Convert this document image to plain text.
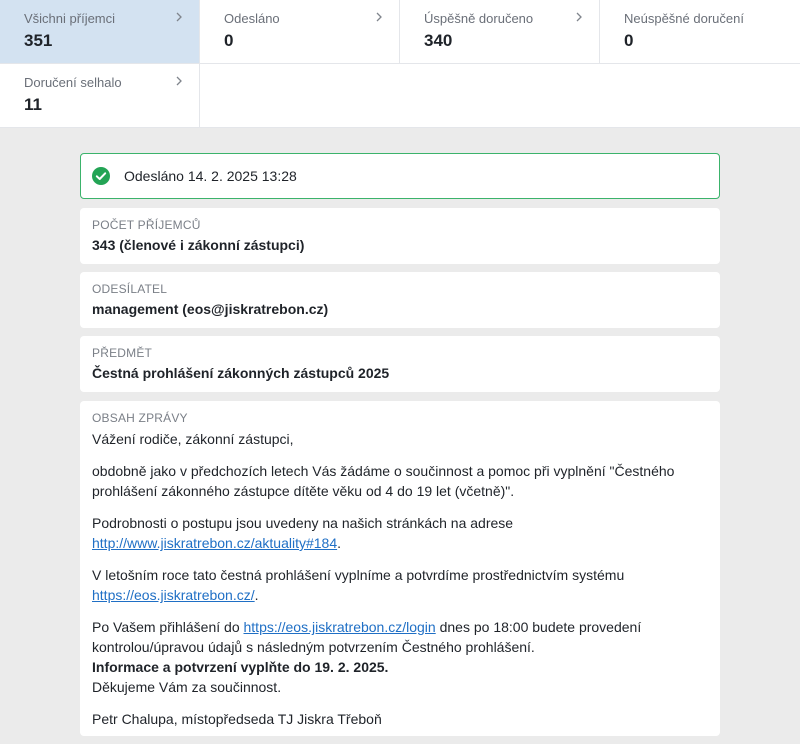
Všichni příjemci
351
Odesláno
0
Úspěšně doručeno
340
Neúspěšné doručení
0
Doručení selhalo
11
Odesláno 14. 2. 2025 13:28
POČET PŘÍJEMCŮ
343 (členové i zákonní zástupci)
ODESÍLATEL
management (eos@jiskratrebon.cz)
PŘEDMĚT
Čestná prohlášení zákonných zástupců 2025
OBSAH ZPRÁVY

Vážení rodiče, zákonní zástupci,

obdobně jako v předchozích letech Vás žádáme o součinnost a pomoc při vyplnění "Čestného prohlášení zákonného zástupce dítěte věku od 4 do 19 let (včetně)".

Podrobnosti o postupu jsou uvedeny na našich stránkách na adrese http://www.jiskratrebon.cz/aktuality#184.

V letošním roce tato čestná prohlášení vyplníme a potvrdíme prostřednictvím systému https://eos.jiskratrebon.cz/.

Po Vašem přihlášení do https://eos.jiskratrebon.cz/login dnes po 18:00 budete provedení kontrolou/úpravou údajů s následným potvrzením Čestného prohlášení.
Informace a potvrzení vyplňte do 19. 2. 2025.
Děkujeme Vám za součinnost.

Petr Chalupa, místopředseda TJ Jiskra Třeboň
